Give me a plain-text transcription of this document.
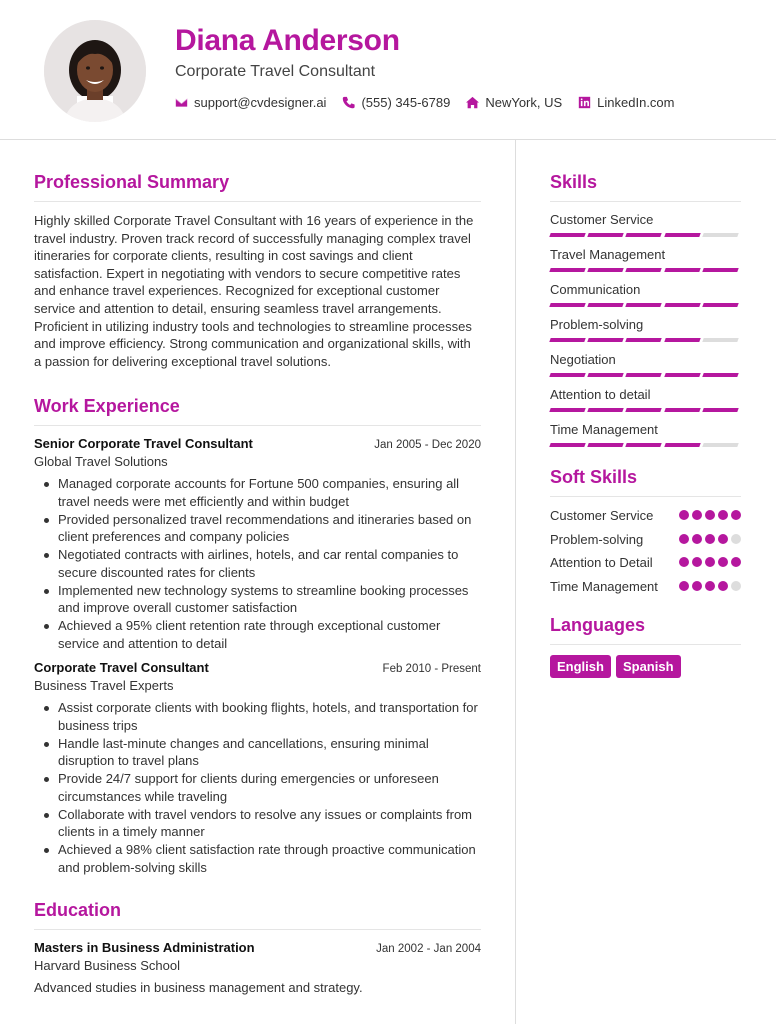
Diana Anderson
Corporate Travel Consultant
support@cvdesigner.ai	(555) 345-6789	NewYork, US	LinkedIn.com
Professional Summary
Highly skilled Corporate Travel Consultant with 16 years of experience in the travel industry. Proven track record of successfully managing complex travel itineraries for corporate clients, resulting in cost savings and client satisfaction. Expert in negotiating with vendors to secure competitive rates and enhance travel experiences. Recognized for exceptional customer service and attention to detail, ensuring seamless travel arrangements. Proficient in utilizing industry tools and technologies to streamline processes and improve efficiency. Strong communication and organizational skills, with a passion for delivering exceptional travel solutions.
Work Experience
Senior Corporate Travel Consultant	Jan 2005 - Dec 2020
Global Travel Solutions
Managed corporate accounts for Fortune 500 companies, ensuring all travel needs were met efficiently and within budget
Provided personalized travel recommendations and itineraries based on client preferences and company policies
Negotiated contracts with airlines, hotels, and car rental companies to secure discounted rates for clients
Implemented new technology systems to streamline booking processes and improve overall customer satisfaction
Achieved a 95% client retention rate through exceptional customer service and attention to detail
Corporate Travel Consultant	Feb 2010 - Present
Business Travel Experts
Assist corporate clients with booking flights, hotels, and transportation for business trips
Handle last-minute changes and cancellations, ensuring minimal disruption to travel plans
Provide 24/7 support for clients during emergencies or unforeseen circumstances while traveling
Collaborate with travel vendors to resolve any issues or complaints from clients in a timely manner
Achieved a 98% client satisfaction rate through proactive communication and problem-solving skills
Education
Masters in Business Administration	Jan 2002 - Jan 2004
Harvard Business School
Advanced studies in business management and strategy.
Skills
Customer Service
Travel Management
Communication
Problem-solving
Negotiation
Attention to detail
Time Management
Soft Skills
Customer Service
Problem-solving
Attention to Detail
Time Management
Languages
English	Spanish
